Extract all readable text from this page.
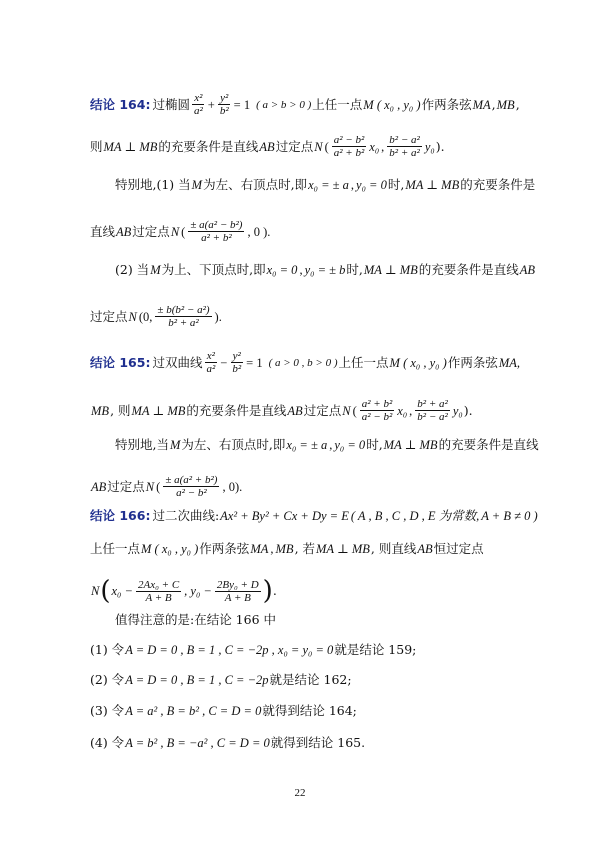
结论 164: 过椭圆 $\frac{\text{x²}}{\text{a²}} + \frac{\text{y²}}{\text{b²}} = 1$ ( a > b > 0 ) 上任一点 M ( x₀ , y₀ ) 作两条弦 MA , MB ,
则 MA ⊥ MB 的充要条件是直线 AB 过定点 N ( $\frac{\text{a² − b²}}{\text{a² + b²}} x_0$ , $\frac{\text{b² − a²}}{\text{b² + a²}} y_0$ ).
特别地,(1) 当 M 为左、右顶点时,即 x₀ = ± a , y₀ = 0 时, MA ⊥ MB 的充要条件是
直线 AB 过定点 N ( $\frac{\text{± a(a² − b²)}}{\text{a² + b²}}$ , 0 ).
(2) 当 M 为上、下顶点时,即 x₀ = 0 , y₀ = ± b 时, MA ⊥ MB 的充要条件是直线 AB
过定点 N (0, $\frac{\text{± b(b² − a²)}}{\text{b² + a²}}$ ).
结论 165: 过双曲线 $\frac{\text{x²}}{\text{a²}} - \frac{\text{y²}}{\text{b²}} = 1$ ( a > 0 , b > 0 ) 上任一点 M ( x₀ , y₀ ) 作两条弦 MA,
MB , 则 MA ⊥ MB 的充要条件是直线 AB 过定点 N ( $\frac{\text{a² + b²}}{\text{a² − b²}} x_0$ , $\frac{\text{b² + a²}}{\text{b² − a²}} y_0$ ).
特别地,当 M 为左、右顶点时,即 x₀ = ± a , y₀ = 0 时, MA ⊥ MB 的充要条件是直线
AB 过定点 N ( $\frac{\text{± a(a² + b²)}}{\text{a² − b²}}$ , 0).
结论 166: 过二次曲线: Ax² + By² + Cx + Dy = E ( A , B , C , D , E 为常数, A + B ≠ 0 )
上任一点 M ( x₀ , y₀ ) 作两条弦 MA , MB , 若 MA ⊥ MB , 则直线 AB 恒过定点
N ( $x_0 - \frac{\text{2Ax₀ + C}}{A + B}$ , $y_0 - \frac{\text{2By₀ + D}}{A + B}$ ) .
值得注意的是:在结论 166 中
(1) 令 A = D = 0 , B = 1 , C = −2p , x₀ = y₀ = 0 就是结论 159;
(2) 令 A = D = 0 , B = 1 , C = −2p 就是结论 162;
(3) 令 A = a² , B = b² , C = D = 0 就得到结论 164;
(4) 令 A = b² , B = −a² , C = D = 0 就得到结论 165.
22
